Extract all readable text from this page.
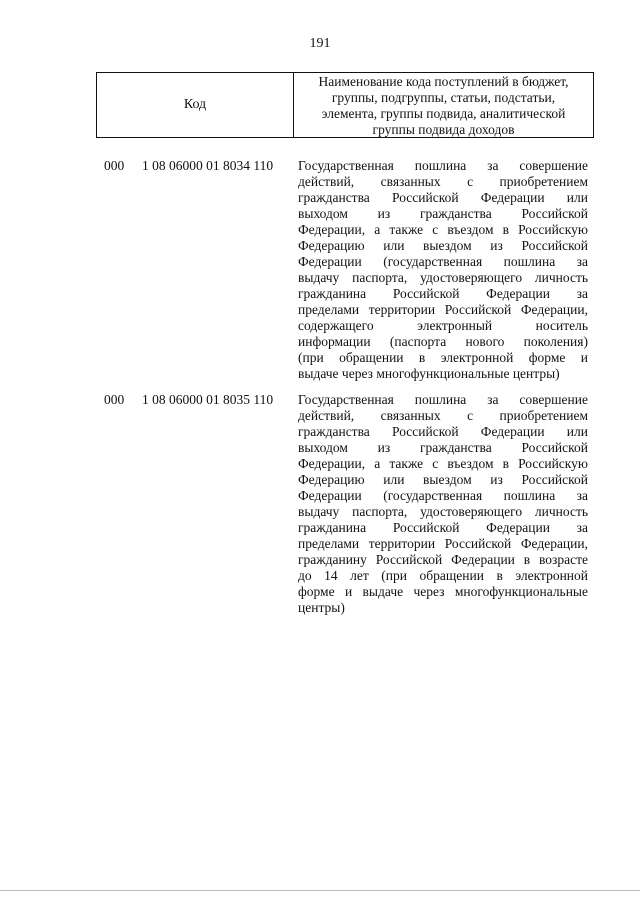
191
Код
Наименование кода поступлений в бюджет,
группы, подгруппы, статьи, подстатьи,
элемента, группы подвида, аналитической
группы подвида доходов
000 1 08 06000 01 8034 110 Государственная пошлина за совершение
действий, связанных с приобретением
гражданства Российской Федерации или
выходом из гражданства Российской
Федерации, а также с въездом в Российскую
Федерацию или выездом из Российской
Федерации (государственная пошлина за
выдачу паспорта, удостоверяющего личность
гражданина Российской Федерации за
пределами территории Российской Федерации,
содержащего электронный носитель
информации (паспорта нового поколения)
(при обращении в электронной форме и
выдаче через многофункциональные центры)
000 1 08 06000 01 8035 110 Государственная пошлина за совершение
действий, связанных с приобретением
гражданства Российской Федерации или
выходом из гражданства Российской
Федерации, а также с въездом в Российскую
Федерацию или выездом из Российской
Федерации (государственная пошлина за
выдачу паспорта, удостоверяющего личность
гражданина Российской Федерации за
пределами территории Российской Федерации,
гражданину Российской Федерации в возрасте
до 14 лет (при обращении в электронной
форме и выдаче через многофункциональные
центры)
